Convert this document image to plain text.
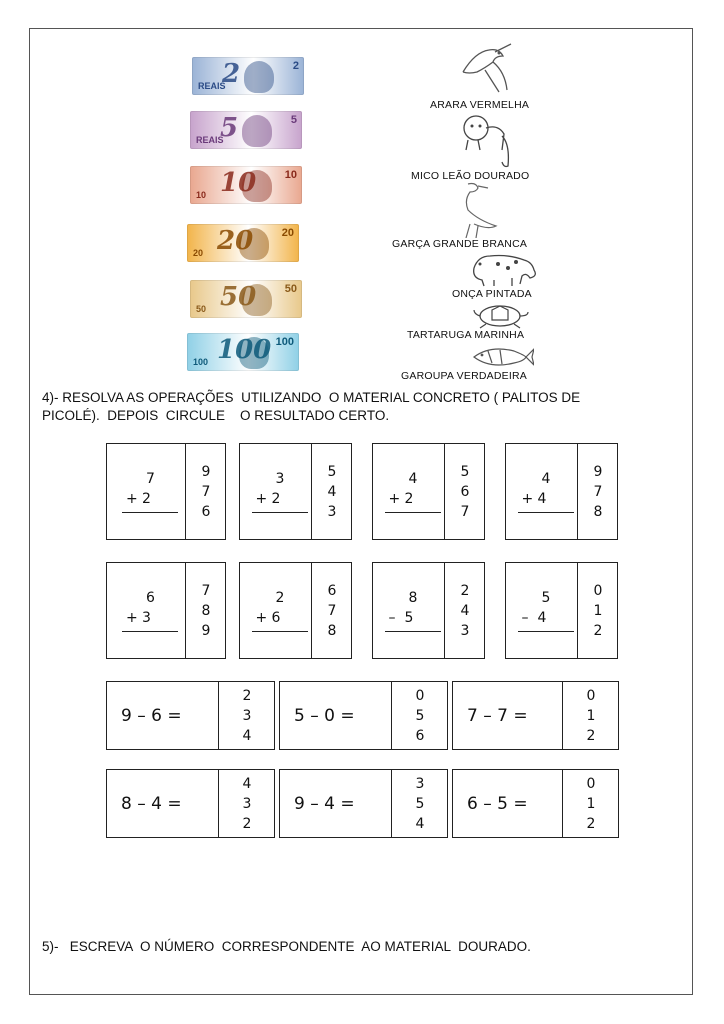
2	2
REAIS
5	5
REAIS
10	10
10
20	20
20
50	50
50
100 100
100
ARARA VERMELHA
MICO LEÃO DOURADO
GARÇA GRANDE BRANCA
ONÇA PINTADA
TARTARUGA MARINHA
GAROUPA VERDADEIRA
4)- RESOLVA AS OPERAÇÕES  UTILIZANDO  O MATERIAL CONCRETO ( PALITOS DE
PICOLÉ).  DEPOIS  CIRCULE    O RESULTADO CERTO.
7
+ 2
9
7
6
3
+ 2
5
4
3
4
+ 2
5
6
7
4
+ 4
9
7
8
6
+ 3
7
8
9
2
+ 6
6
7
8
8
– 5
2
4
3
5
– 4
0
1
2
9 – 6 =
2
3
4
5 – 0 =
0
5
6
7 – 7 =
0
1
2
8 – 4 =
4
3
2
9 – 4 =
3
5
4
6 – 5 =
0
1
2
5)-   ESCREVA  O NÚMERO  CORRESPONDENTE  AO MATERIAL  DOURADO.
